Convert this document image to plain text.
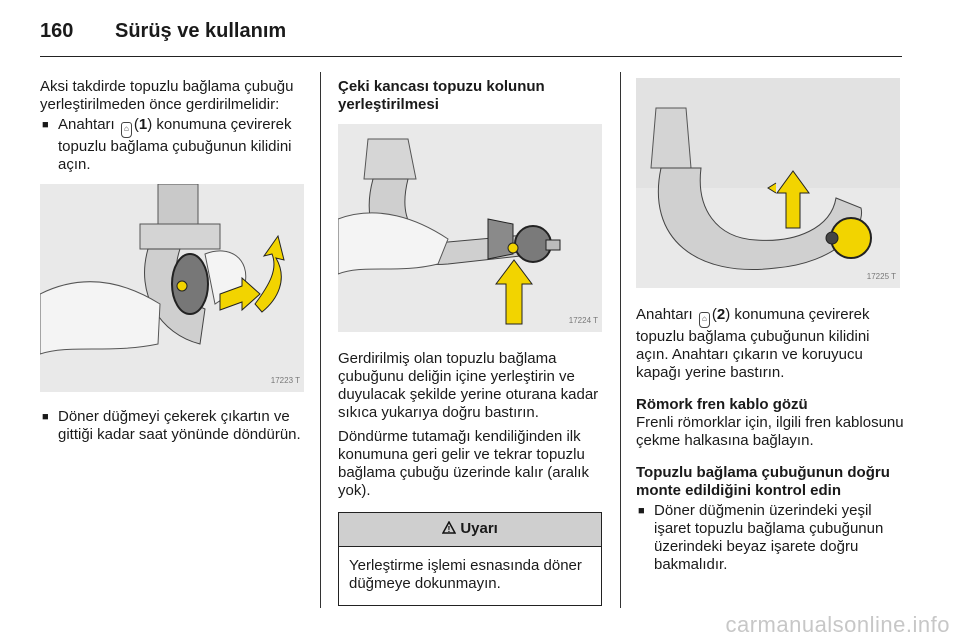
160 Sürüş ve kullanım

Aksi takdirde topuzlu bağlama çubuğu yerleştirilmeden önce gerdirilmelidir:

■ Anahtarı ⌂ (1) konumuna çevirerek topuzlu bağlama çubuğunun kilidini açın.

17223 T

■ Döner düğmeyi çekerek çıkartın ve gittiği kadar saat yönünde döndürün.

Çeki kancası topuzu kolunun yerleştirilmesi

17224 T

Gerdirilmiş olan topuzlu bağlama çubuğunu deliğin içine yerleştirin ve duyulacak şekilde yerine oturana kadar sıkıca yukarıya doğru bastırın.

Döndürme tutamağı kendiliğinden ilk konumuna geri gelir ve tekrar topuzlu bağlama çubuğu üzerinde kalır (aralık yok).

! Uyarı
Yerleştirme işlemi esnasında döner düğmeye dokunmayın.
17225 T

Anahtarı ⌂ (2) konumuna çevirerek topuzlu bağlama çubuğunun kilidini açın. Anahtarı çıkarın ve koruyucu kapağı yerine bastırın.

Römork fren kablo gözü

Frenli römorklar için, ilgili fren kablosunu çekme halkasına bağlayın.

Topuzlu bağlama çubuğunun doğru monte edildiğini kontrol edin

■ Döner düğmenin üzerindeki yeşil işaret topuzlu bağlama çubuğunun üzerindeki beyaz işarete doğru bakmalıdır.

carmanualsonline.info
